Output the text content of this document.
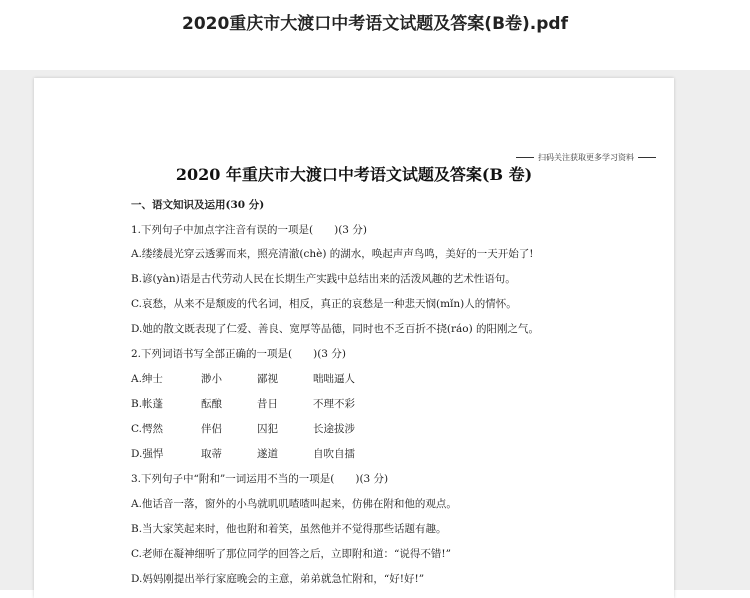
2020重庆市大渡口中考语文试题及答案(B卷).pdf
扫码关注获取更多学习资料
2020 年重庆市大渡口中考语文试题及答案(B 卷)
一、语文知识及运用(30 分)
1.下列句子中加点字注音有误的一项是(　　)(3 分)
A.缕缕晨光穿云透雾而来，照亮清澈(chè) 的湖水，唤起声声鸟鸣，美好的一天开始了!
B.谚(yàn)语是古代劳动人民在长期生产实践中总结出来的活泼风趣的艺术性语句。
C.哀愁，从来不是颓废的代名词，相反，真正的哀愁是一种悲天悯(mǐn)人的情怀。
D.她的散文既表现了仁爱、善良、宽厚等品德，同时也不乏百折不挠(ráo) 的阳刚之气。
2.下列词语书写全部正确的一项是(　　)(3 分)
A.绅士	渺小	鄙视	咄咄逼人
B.帐蓬	酝酿	昔日	不理不彩
C.愕然	伴侣	囚犯	长途拔涉
D.强悍	取蒂	遂道	自吹自擂
3.下列句子中“附和”一词运用不当的一项是(　　)(3 分)
A.他话音一落，窗外的小鸟就叽叽喳喳叫起来，仿佛在附和他的观点。
B.当大家笑起来时，他也附和着笑，虽然他并不觉得那些话题有趣。
C.老师在凝神细听了那位同学的回答之后，立即附和道：“说得不错!”
D.妈妈刚提出举行家庭晚会的主意，弟弟就急忙附和，“好!好!”
